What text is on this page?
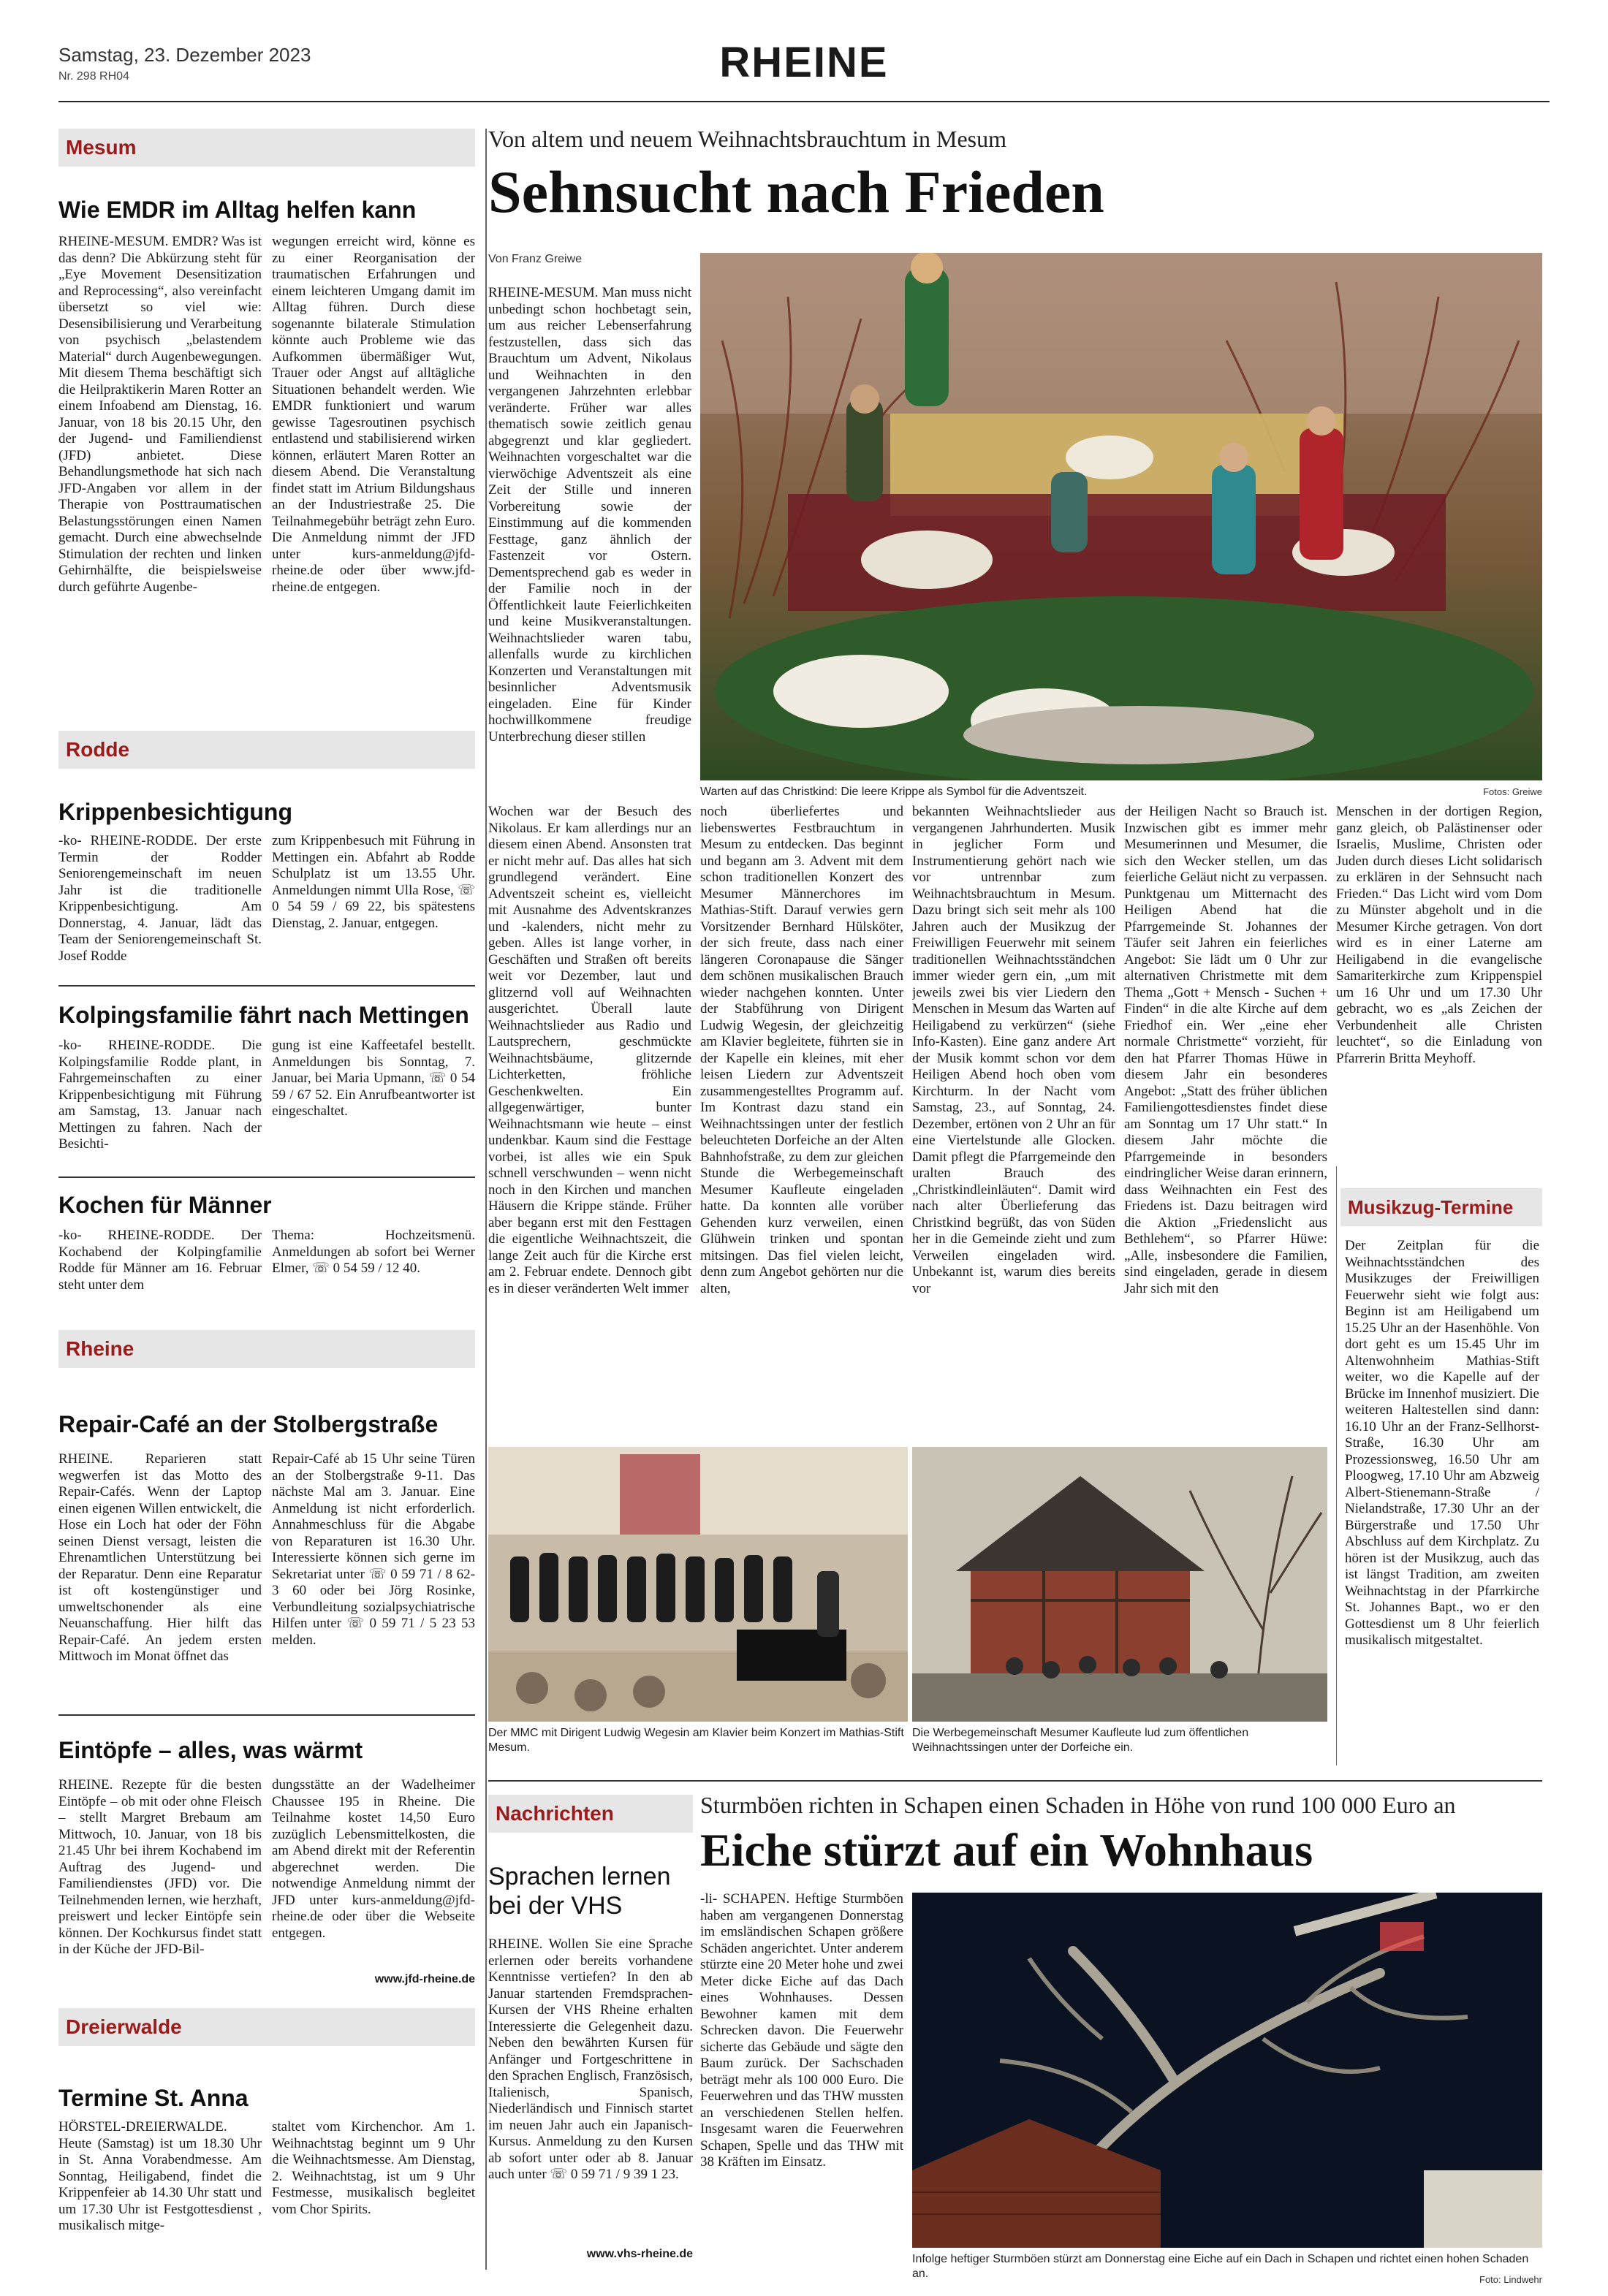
Samstag, 23. Dezember 2023
Nr. 298 RH04	RHEINE
Mesum
Wie EMDR im Alltag helfen kann
RHEINE-MESUM. EMDR? Was ist das denn? Die Abkürzung steht für „Eye Movement Desensitization and Reprocessing“, also vereinfacht übersetzt so viel wie: Desensibilisierung und Verarbeitung von psychisch „belastendem Material“ durch Augenbewegungen. Mit diesem Thema beschäftigt sich die Heilpraktikerin Maren Rotter an einem Infoabend am Dienstag, 16. Januar, von 18 bis 20.15 Uhr, den der Jugend- und Familiendienst (JFD) anbietet. Diese Behandlungsmethode hat sich nach JFD-Angaben vor allem in der Therapie von Posttraumatischen Belastungsstörungen einen Namen gemacht. Durch eine abwechselnde Stimulation der rechten und linken Gehirnhälfte, die beispielsweise durch geführte Augenbe-
wegungen erreicht wird, könne es zu einer Reorganisation der traumatischen Erfahrungen und einem leichteren Umgang damit im Alltag führen. Durch diese sogenannte bilaterale Stimulation könnte auch Probleme wie das Aufkommen übermäßiger Wut, Trauer oder Angst auf alltägliche Situationen behandelt werden. Wie EMDR funktioniert und warum gewisse Tagesroutinen psychisch entlastend und stabilisierend wirken können, erläutert Maren Rotter an diesem Abend. Die Veranstaltung findet statt im Atrium Bildungshaus an der Industriestraße 25. Die Teilnahmegebühr beträgt zehn Euro. Die Anmeldung nimmt der JFD unter kurs-anmeldung@jfd-rheine.de oder über www.jfd-rheine.de entgegen.
Rodde
Krippenbesichtigung
-ko- RHEINE-RODDE. Der erste Termin der Rodder Seniorengemeinschaft im neuen Jahr ist die traditionelle Krippenbesichtigung. Am Donnerstag, 4. Januar, lädt das Team der Seniorengemeinschaft St. Josef Rodde
zum Krippenbesuch mit Führung in Mettingen ein. Abfahrt ab Rodde Schulplatz ist um 13.55 Uhr. Anmeldungen nimmt Ulla Rose, ☏ 0 54 59 / 69 22, bis spätestens Dienstag, 2. Januar, entgegen.
Kolpingsfamilie fährt nach Mettingen
-ko- RHEINE-RODDE. Die Kolpingsfamilie Rodde plant, in Fahrgemeinschaften zu einer Krippenbesichtigung mit Führung am Samstag, 13. Januar nach Mettingen zu fahren. Nach der Besichti-
gung ist eine Kaffeetafel bestellt. Anmeldungen bis Sonntag, 7. Januar, bei Maria Upmann, ☏ 0 54 59 / 67 52. Ein Anrufbeantworter ist eingeschaltet.
Kochen für Männer
-ko- RHEINE-RODDE. Der Kochabend der Kolpingfamilie Rodde für Männer am 16. Februar steht unter dem
Thema: Hochzeitsmenü. Anmeldungen ab sofort bei Werner Elmer, ☏ 0 54 59 / 12 40.
Rheine
Repair-Café an der Stolbergstraße
RHEINE. Reparieren statt wegwerfen ist das Motto des Repair-Cafés. Wenn der Laptop einen eigenen Willen entwickelt, die Hose ein Loch hat oder der Föhn seinen Dienst versagt, leisten die Ehrenamtlichen Unterstützung bei der Reparatur. Denn eine Reparatur ist oft kostengünstiger und umweltschonender als eine Neuanschaffung. Hier hilft das Repair-Café. An jedem ersten Mittwoch im Monat öffnet das
Repair-Café ab 15 Uhr seine Türen an der Stolbergstraße 9-11. Das nächste Mal am 3. Januar. Eine Anmeldung ist nicht erforderlich. Annahmeschluss für die Abgabe von Reparaturen ist 16.30 Uhr. Interessierte können sich gerne im Sekretariat unter ☏ 0 59 71 / 8 62-3 60 oder bei Jörg Rosinke, Verbundleitung sozialpsychiatrische Hilfen unter ☏ 0 59 71 / 5 23 53 melden.
Eintöpfe – alles, was wärmt
RHEINE. Rezepte für die besten Eintöpfe – ob mit oder ohne Fleisch – stellt Margret Brebaum am Mittwoch, 10. Januar, von 18 bis 21.45 Uhr bei ihrem Kochabend im Auftrag des Jugend- und Familiendienstes (JFD) vor. Die Teilnehmenden lernen, wie herzhaft, preiswert und lecker Eintöpfe sein können. Der Kochkursus findet statt in der Küche der JFD-Bil-
dungsstätte an der Wadelheimer Chaussee 195 in Rheine. Die Teilnahme kostet 14,50 Euro zuzüglich Lebensmittelkosten, die am Abend direkt mit der Referentin abgerechnet werden. Die notwendige Anmeldung nimmt der JFD unter kurs-anmeldung@jfd-rheine.de oder über die Webseite entgegen.
www.jfd-rheine.de
Dreierwalde
Termine St. Anna
HÖRSTEL-DREIERWALDE. Heute (Samstag) ist um 18.30 Uhr in St. Anna Vorabendmesse. Am Sonntag, Heiligabend, findet die Krippenfeier ab 14.30 Uhr statt und um 17.30 Uhr ist Festgottesdienst , musikalisch mitge-
staltet vom Kirchenchor. Am 1. Weihnachtstag beginnt um 9 Uhr die Weihnachtsmesse. Am Dienstag, 2. Weihnachtstag, ist um 9 Uhr Festmesse, musikalisch begleitet vom Chor Spirits.
Von altem und neuem Weihnachtsbrauchtum in Mesum
Sehnsucht nach Frieden
Von Franz Greiwe
RHEINE-MESUM. Man muss nicht unbedingt schon hochbetagt sein, um aus reicher Lebenserfahrung festzustellen, dass sich das Brauchtum um Advent, Nikolaus und Weihnachten in den vergangenen Jahrzehnten erlebbar veränderte. Früher war alles thematisch sowie zeitlich genau abgegrenzt und klar gegliedert. Weihnachten vorgeschaltet war die vierwöchige Adventszeit als eine Zeit der Stille und inneren Vorbereitung sowie der Einstimmung auf die kommenden Festtage, ganz ähnlich der Fastenzeit vor Ostern. Dementsprechend gab es weder in der Familie noch in der Öffentlichkeit laute Feierlichkeiten und keine Musikveranstaltungen. Weihnachtslieder waren tabu, allenfalls wurde zu kirchlichen Konzerten und Veranstaltungen mit besinnlicher Adventsmusik eingeladen. Eine für Kinder hochwillkommene freudige Unterbrechung dieser stillen
Warten auf das Christkind: Die leere Krippe als Symbol für die Adventszeit.	Fotos: Greiwe
Wochen war der Besuch des Nikolaus. Er kam allerdings nur an diesem einen Abend. Ansonsten trat er nicht mehr auf. Das alles hat sich grundlegend verändert. Eine Adventszeit scheint es, vielleicht mit Ausnahme des Adventskranzes und -kalenders, nicht mehr zu geben. Alles ist lange vorher, in Geschäften und Straßen oft bereits weit vor Dezember, laut und glitzernd voll auf Weihnachten ausgerichtet. Überall laute Weihnachtslieder aus Radio und Lautsprechern, geschmückte Weihnachtsbäume, glitzernde Lichterketten, fröhliche Geschenkwelten. Ein allgegenwärtiger, bunter Weihnachtsmann wie heute – einst undenkbar. Kaum sind die Festtage vorbei, ist alles wie ein Spuk schnell verschwunden – wenn nicht noch in den Kirchen und manchen Häusern die Krippe stände. Früher aber begann erst mit den Festtagen die eigentliche Weihnachtszeit, die lange Zeit auch für die Kirche erst am 2. Februar endete. Dennoch gibt es in dieser veränderten Welt immer
noch überliefertes und liebenswertes Festbrauchtum in Mesum zu entdecken. Das beginnt und begann am 3. Advent mit dem schon traditionellen Konzert des Mesumer Männerchores im Mathias-Stift. Darauf verwies gern Vorsitzender Bernhard Hülsköter, der sich freute, dass nach einer längeren Coronapause die Sänger dem schönen musikalischen Brauch wieder nachgehen konnten. Unter der Stabführung von Dirigent Ludwig Wegesin, der gleichzeitig am Klavier begleitete, führten sie in der Kapelle ein kleines, mit eher leisen Liedern zur Adventszeit zusammengestelltes Programm auf. Im Kontrast dazu stand ein Weihnachtssingen unter der festlich beleuchteten Dorfeiche an der Alten Bahnhofstraße, zu dem zur gleichen Stunde die Werbegemeinschaft Mesumer Kaufleute eingeladen hatte. Da konnten alle vorüber Gehenden kurz verweilen, einen Glühwein trinken und spontan mitsingen. Das fiel vielen leicht, denn zum Angebot gehörten nur die alten,
bekannten Weihnachtslieder aus vergangenen Jahrhunderten. Musik in jeglicher Form und Instrumentierung gehört nach wie vor untrennbar zum Weihnachtsbrauchtum in Mesum. Dazu bringt sich seit mehr als 100 Jahren auch der Musikzug der Freiwilligen Feuerwehr mit seinem traditionellen Weihnachtsständchen immer wieder gern ein, „um mit jeweils zwei bis vier Liedern den Menschen in Mesum das Warten auf Heiligabend zu verkürzen“ (siehe Info-Kasten). Eine ganz andere Art der Musik kommt schon vor dem Heiligen Abend hoch oben vom Kirchturm. In der Nacht vom Samstag, 23., auf Sonntag, 24. Dezember, ertönen von 2 Uhr an für eine Viertelstunde alle Glocken. Damit pflegt die Pfarrgemeinde den uralten Brauch des „Christkindleinläuten“. Damit wird nach alter Überlieferung das Christkind begrüßt, das von Süden her in die Gemeinde zieht und zum Verweilen eingeladen wird. Unbekannt ist, warum dies bereits vor
der Heiligen Nacht so Brauch ist. Inzwischen gibt es immer mehr Mesumerinnen und Mesumer, die sich den Wecker stellen, um das feierliche Geläut nicht zu verpassen. Punktgenau um Mitternacht des Heiligen Abend hat die Pfarrgemeinde St. Johannes der Täufer seit Jahren ein feierliches Angebot: Sie lädt um 0 Uhr zur alternativen Christmette mit dem Thema „Gott + Mensch - Suchen + Finden“ in die alte Kirche auf dem Friedhof ein. Wer „eine eher normale Christmette“ vorzieht, für den hat Pfarrer Thomas Hüwe in diesem Jahr ein besonderes Angebot: „Statt des früher üblichen Familiengottesdienstes findet diese am Sonntag um 17 Uhr statt.“ In diesem Jahr möchte die Pfarrgemeinde in besonders eindringlicher Weise daran erinnern, dass Weihnachten ein Fest des Friedens ist. Dazu beitragen wird die Aktion „Friedenslicht aus Bethlehem“, so Pfarrer Hüwe: „Alle, insbesondere die Familien, sind eingeladen, gerade in diesem Jahr sich mit den
Menschen in der dortigen Region, ganz gleich, ob Palästinenser oder Israelis, Muslime, Christen oder Juden durch dieses Licht solidarisch zu erklären in der Sehnsucht nach Frieden.“ Das Licht wird vom Dom zu Münster abgeholt und in die Mesumer Kirche getragen. Von dort wird es in einer Laterne am Heiligabend in die evangelische Samariterkirche zum Krippenspiel um 16 Uhr und um 17.30 Uhr gebracht, wo es „als Zeichen der Verbundenheit alle Christen leuchtet“, so die Einladung von Pfarrerin Britta Meyhoff.
Musikzug-Termine
Der Zeitplan für die Weihnachtsständchen des Musikzuges der Freiwilligen Feuerwehr sieht wie folgt aus: Beginn ist am Heiligabend um 15.25 Uhr an der Hasenhöhle. Von dort geht es um 15.45 Uhr im Altenwohnheim Mathias-Stift weiter, wo die Kapelle auf der Brücke im Innenhof musiziert. Die weiteren Haltestellen sind dann: 16.10 Uhr an der Franz-Sellhorst-Straße, 16.30 Uhr am Prozessionsweg, 16.50 Uhr am Ploogweg, 17.10 Uhr am Abzweig Albert-Stienemann-Straße / Nielandstraße, 17.30 Uhr an der Bürgerstraße und 17.50 Uhr Abschluss auf dem Kirchplatz. Zu hören ist der Musikzug, auch das ist längst Tradition, am zweiten Weihnachtstag in der Pfarrkirche St. Johannes Bapt., wo er den Gottesdienst um 8 Uhr feierlich musikalisch mitgestaltet.
Der MMC mit Dirigent Ludwig Wegesin am Klavier beim Konzert im Mathias-Stift Mesum.
Die Werbegemeinschaft Mesumer Kaufleute lud zum öffentlichen Weihnachtssingen unter der Dorfeiche ein.
Nachrichten
Sprachen lernen bei der VHS
RHEINE. Wollen Sie eine Sprache erlernen oder bereits vorhandene Kenntnisse vertiefen? In den ab Januar startenden Fremdsprachen-Kursen der VHS Rheine erhalten Interessierte die Gelegenheit dazu. Neben den bewährten Kursen für Anfänger und Fortgeschrittene in den Sprachen Englisch, Französisch, Italienisch, Spanisch, Niederländisch und Finnisch startet im neuen Jahr auch ein Japanisch-Kursus. Anmeldung zu den Kursen ab sofort unter oder ab 8. Januar auch unter ☏ 0 59 71 / 9 39 1 23.
www.vhs-rheine.de
Sturmböen richten in Schapen einen Schaden in Höhe von rund 100 000 Euro an
Eiche stürzt auf ein Wohnhaus
-li- SCHAPEN. Heftige Sturmböen haben am vergangenen Donnerstag im emsländischen Schapen größere Schäden angerichtet. Unter anderem stürzte eine 20 Meter hohe und zwei Meter dicke Eiche auf das Dach eines Wohnhauses. Dessen Bewohner kamen mit dem Schrecken davon. Die Feuerwehr sicherte das Gebäude und sägte den Baum zurück. Der Sachschaden beträgt mehr als 100 000 Euro. Die Feuerwehren und das THW mussten an verschiedenen Stellen helfen. Insgesamt waren die Feuerwehren Schapen, Spelle und das THW mit 38 Kräften im Einsatz.
Infolge heftiger Sturmböen stürzt am Donnerstag eine Eiche auf ein Dach in Schapen und richtet einen hohen Schaden an.	Foto: Lindwehr
